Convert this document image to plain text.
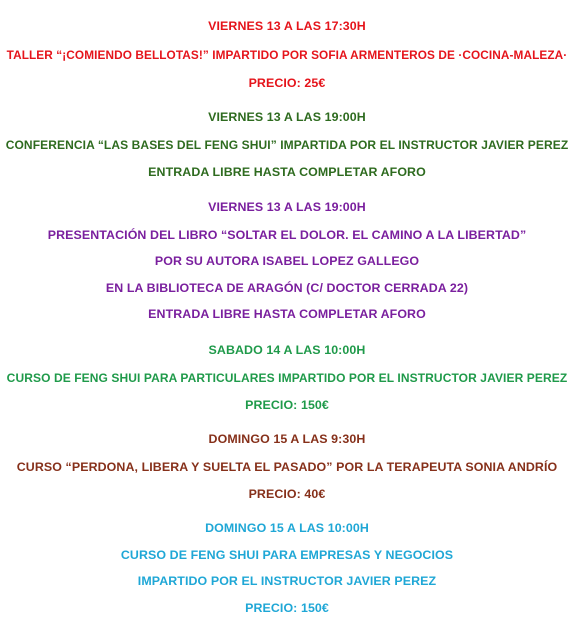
VIERNES 13 A LAS 17:30H
TALLER “¡COMIENDO BELLOTAS!” IMPARTIDO POR SOFIA ARMENTEROS DE ·COCINA-MALEZA·
PRECIO: 25€
VIERNES 13 A LAS 19:00H
CONFERENCIA “LAS BASES DEL FENG SHUI” IMPARTIDA POR EL INSTRUCTOR JAVIER PEREZ
ENTRADA LIBRE HASTA COMPLETAR AFORO
VIERNES 13 A LAS 19:00H
PRESENTACIÓN DEL LIBRO “SOLTAR EL DOLOR. EL CAMINO A LA LIBERTAD”
POR SU AUTORA ISABEL LOPEZ GALLEGO
EN LA BIBLIOTECA DE ARAGÓN (C/ DOCTOR CERRADA 22)
ENTRADA LIBRE HASTA COMPLETAR AFORO
SABADO 14 A LAS 10:00H
CURSO DE FENG SHUI PARA PARTICULARES IMPARTIDO POR EL INSTRUCTOR JAVIER PEREZ
PRECIO: 150€
DOMINGO 15 A LAS 9:30H
CURSO “PERDONA, LIBERA Y SUELTA EL PASADO” POR LA TERAPEUTA SONIA ANDRÍO
PRECIO: 40€
DOMINGO 15 A LAS 10:00H
CURSO DE FENG SHUI PARA EMPRESAS Y NEGOCIOS
IMPARTIDO POR EL INSTRUCTOR JAVIER PEREZ
PRECIO: 150€
